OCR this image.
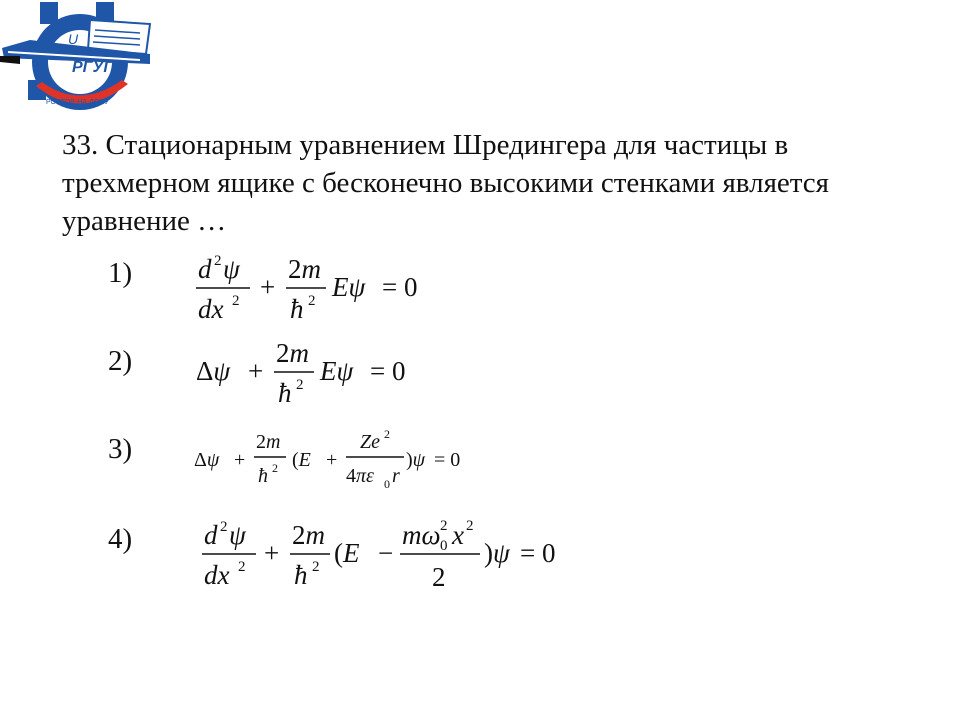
U
РГУПС
РОСТОВ-НА-ДОНУ
33. Стационарным уравнением Шредингера для частицы в трехмерном ящике с бесконечно высокими стенками является уравнение …
1)
2)
3)
4)
d 2 ψ
dx 2 +
2m
ħ 2 Eψ = 0
Δψ +
2m
ħ 2 Eψ = 0
Δψ +
2m
ħ 2 (E +
Ze 2
4πε 0 r
)ψ = 0
d 2 ψ
dx 2 +
2m
ħ 2 (E −
mω 2
0 x 2
2
)ψ = 0
